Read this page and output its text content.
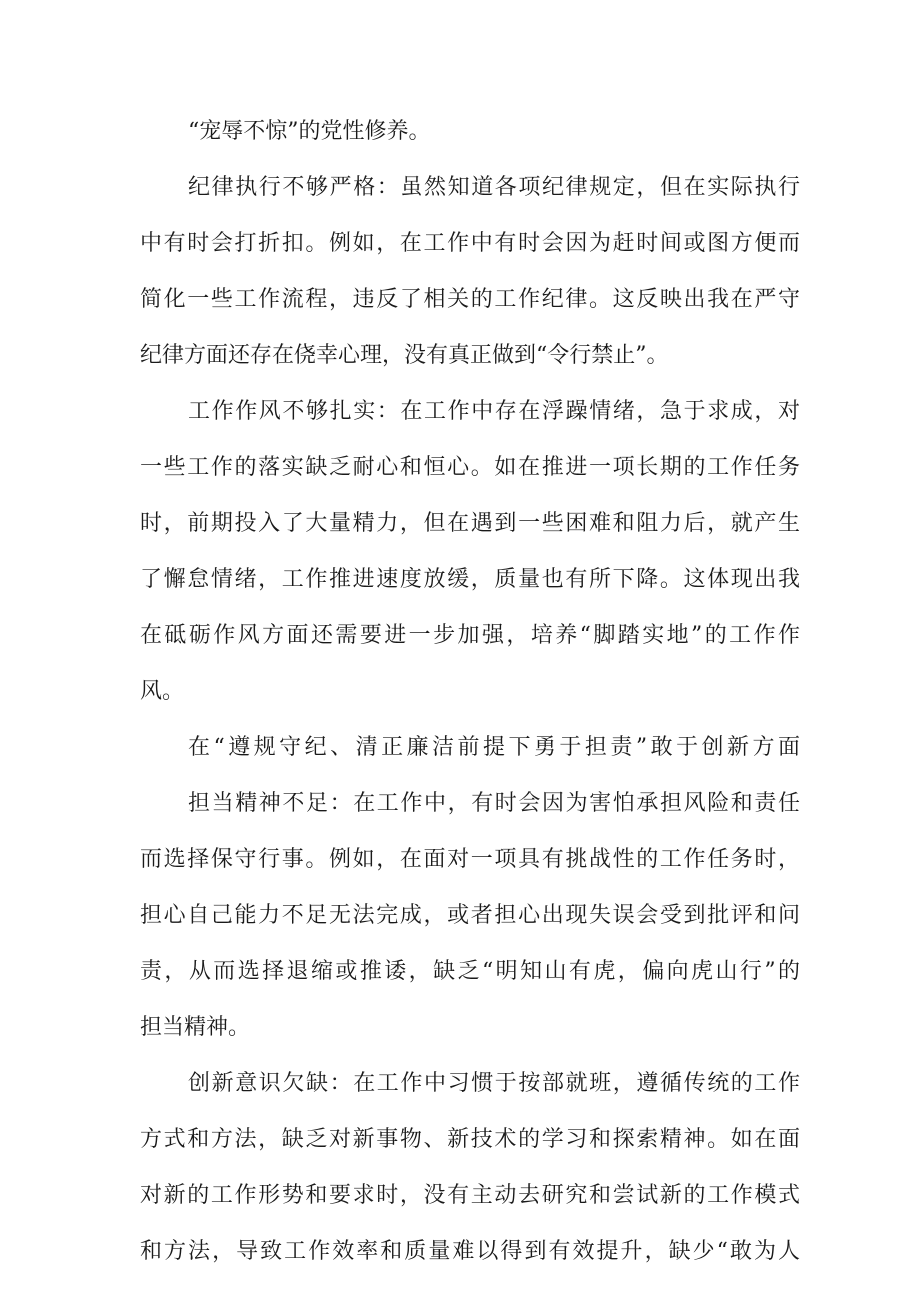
“宠辱不惊”的党性修养。
纪律执行不够严格：虽然知道各项纪律规定，但在实际执行
中有时会打折扣。例如，在工作中有时会因为赶时间或图方便而
简化一些工作流程，违反了相关的工作纪律。这反映出我在严守
纪律方面还存在侥幸心理，没有真正做到“令行禁止”。
工作作风不够扎实：在工作中存在浮躁情绪，急于求成，对
一些工作的落实缺乏耐心和恒心。如在推进一项长期的工作任务
时，前期投入了大量精力，但在遇到一些困难和阻力后，就产生
了懈怠情绪，工作推进速度放缓，质量也有所下降。这体现出我
在砥砺作风方面还需要进一步加强，培养“脚踏实地”的工作作
风。
在“遵规守纪、清正廉洁前提下勇于担责”敢于创新方面
担当精神不足：在工作中，有时会因为害怕承担风险和责任
而选择保守行事。例如，在面对一项具有挑战性的工作任务时，
担心自己能力不足无法完成，或者担心出现失误会受到批评和问
责，从而选择退缩或推诿，缺乏“明知山有虎，偏向虎山行”的
担当精神。
创新意识欠缺：在工作中习惯于按部就班，遵循传统的工作
方式和方法，缺乏对新事物、新技术的学习和探索精神。如在面
对新的工作形势和要求时，没有主动去研究和尝试新的工作模式
和方法，导致工作效率和质量难以得到有效提升，缺少“敢为人
